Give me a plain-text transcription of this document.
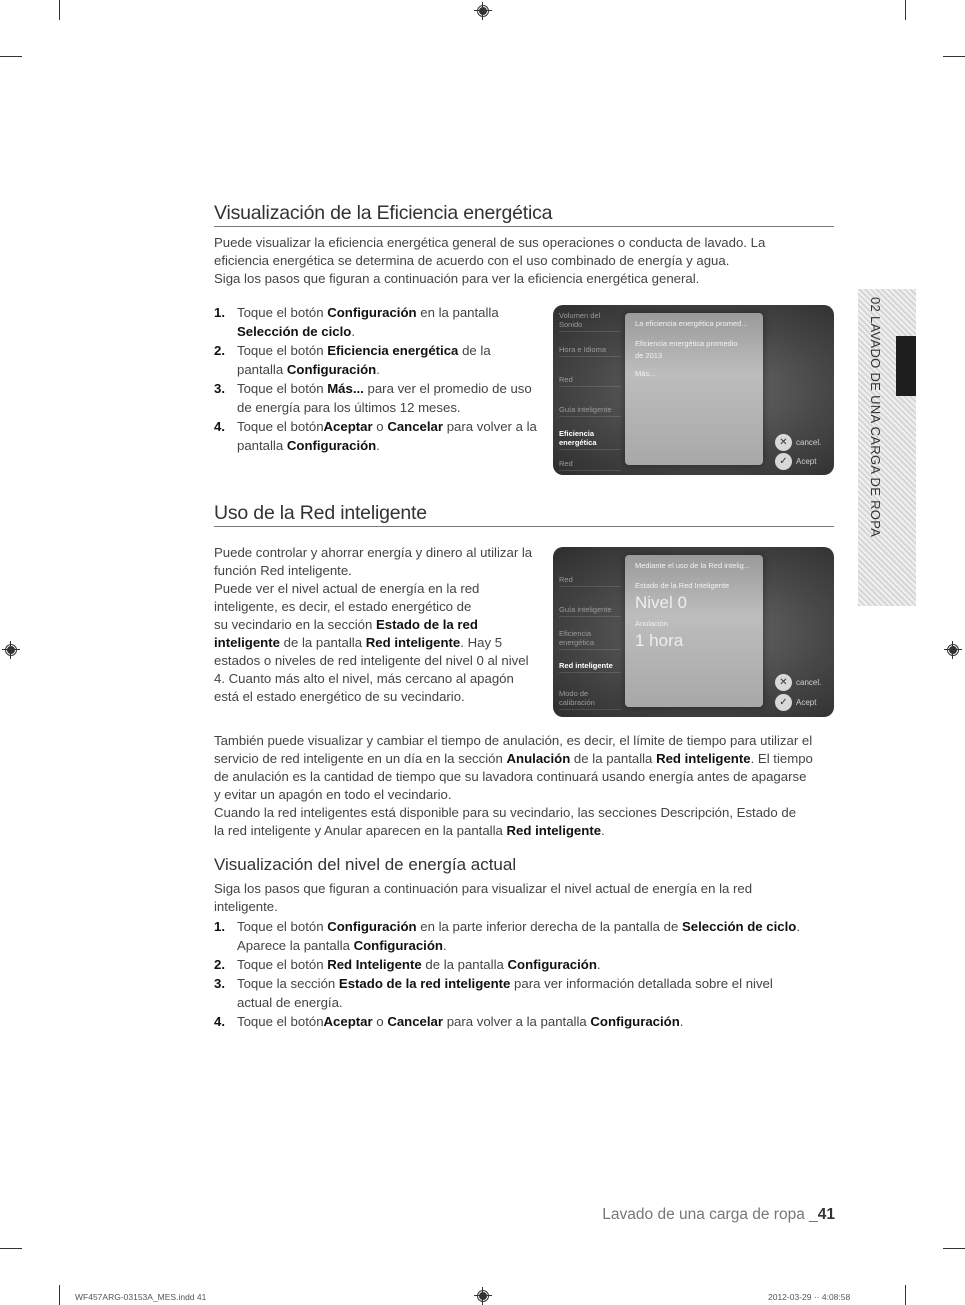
Visualización de la Eficiencia energética
Puede visualizar la eficiencia energética general de sus operaciones o conducta de lavado. La
eficiencia energética se determina de acuerdo con el uso combinado de energía y agua.
Siga los pasos que figuran a continuación para ver la eficiencia energética general.
1. Toque el botón Configuración en la pantalla
Selección de ciclo.
2. Toque el botón Eficiencia energética de la pantalla Configuración.
3. Toque el botón Más... para ver el promedio de uso de energía para los últimos 12 meses.
4. Toque el botónAceptar o Cancelar para volver a la pantalla Configuración.
Volumen del Sonido
Hora e Idioma
Red
Guía inteligente
Eficiencia energética
Red
La eficiencia energética promed...
Eficiencia energética promedio
de 2013
Más...
✕	cancel.
✓	Acept
Uso de la Red inteligente
Puede controlar y ahorrar energía y dinero al utilizar la
función Red inteligente.
Puede ver el nivel actual de energía en la red
inteligente, es decir, el estado energético de
su vecindario en la sección Estado de la red
inteligente de la pantalla Red inteligente. Hay 5
estados o niveles de red inteligente del nivel 0 al nivel
4. Cuanto más alto el nivel, más cercano al apagón
está el estado energético de su vecindario.
Red
Guía inteligente
Eficiencia energética
Red inteligente
Modo de calibración
Mediante el uso de la Red intelig...
Estado de la Red Inteligente
Nivel 0
Anulación
1 hora
✕	cancel.
✓	Acept
También puede visualizar y cambiar el tiempo de anulación, es decir, el límite de tiempo para utilizar el
servicio de red inteligente en un día en la sección Anulación de la pantalla Red inteligente. El tiempo
de anulación es la cantidad de tiempo que su lavadora continuará usando energía antes de apagarse
y evitar un apagón en todo el vecindario.
Cuando la red inteligentes está disponible para su vecindario, las secciones Descripción, Estado de
la red inteligente y Anular aparecen en la pantalla Red inteligente.
Visualización del nivel de energía actual
Siga los pasos que figuran a continuación para visualizar el nivel actual de energía en la red
inteligente.
1. Toque el botón Configuración en la parte inferior derecha de la pantalla de Selección de ciclo.
Aparece la pantalla Configuración.
2. Toque el botón Red Inteligente de la pantalla Configuración.
3. Toque la sección Estado de la red inteligente para ver información detallada sobre el nivel
actual de energía.
4. Toque el botónAceptar o Cancelar para volver a la pantalla Configuración.
02 LAVADO DE UNA CARGA DE ROPA
Lavado de una carga de ropa _41
WF457ARG-03153A_MES.indd 41	2012-03-29 ·· 4:08:58
